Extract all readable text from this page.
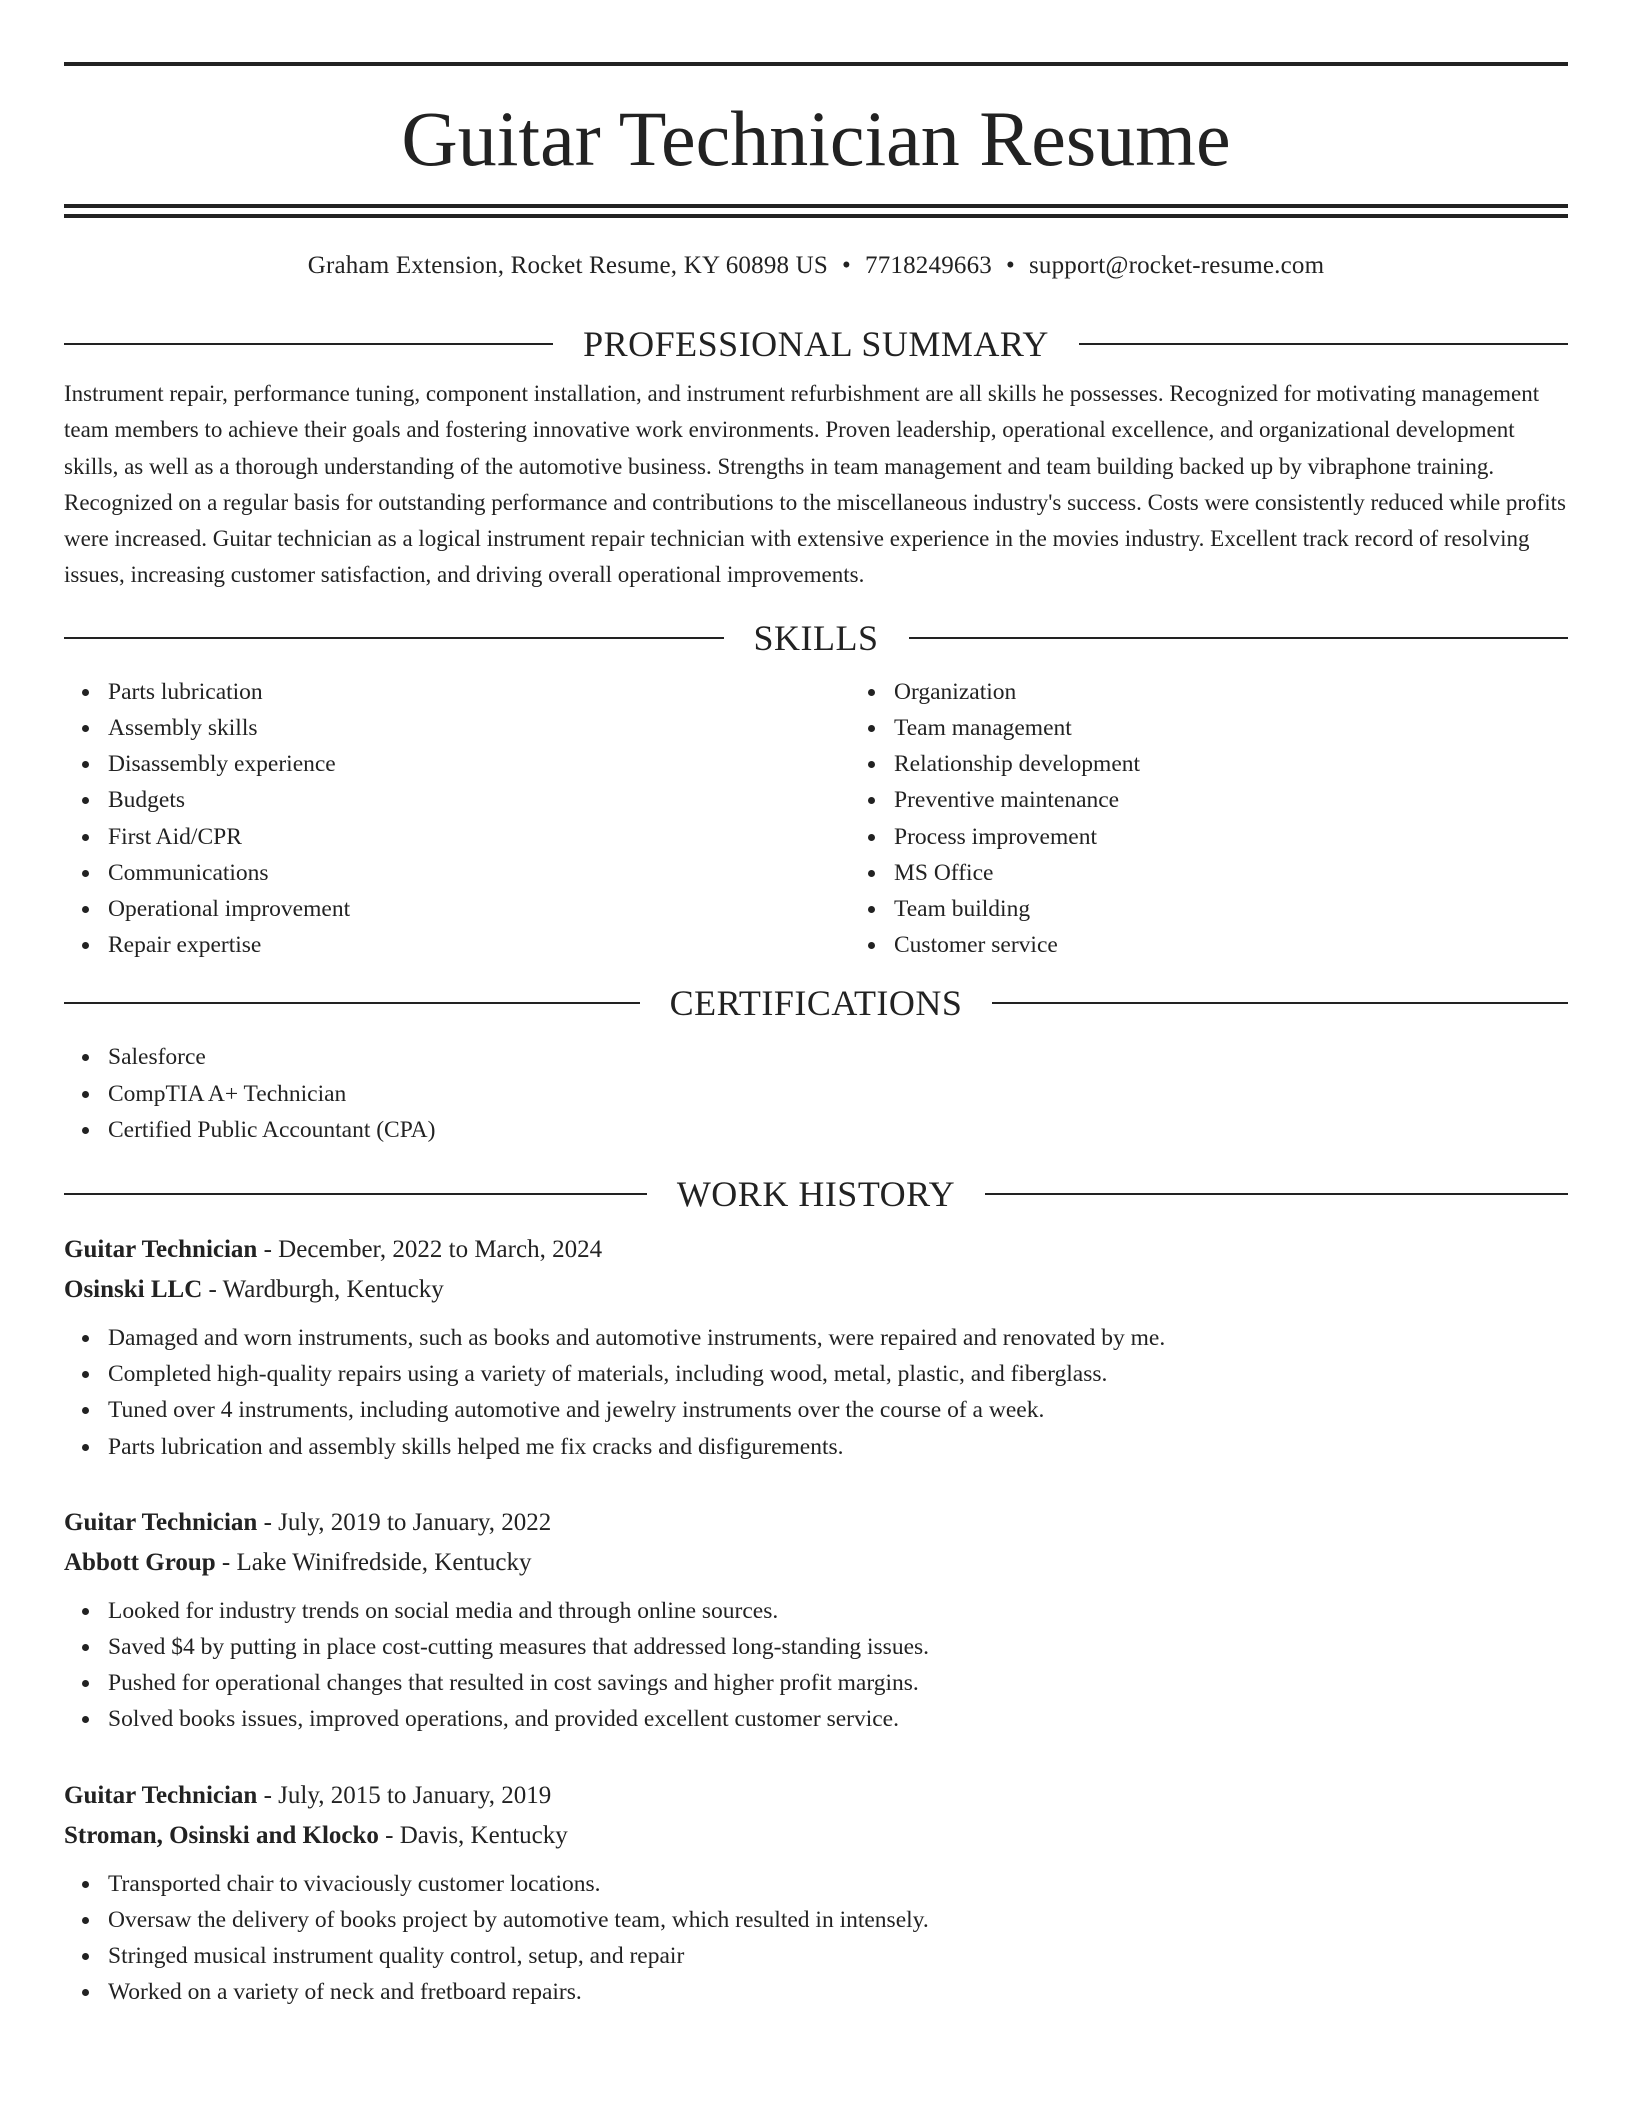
Guitar Technician Resume
Graham Extension, Rocket Resume, KY 60898 US • 7718249663 • support@rocket-resume.com
PROFESSIONAL SUMMARY

Instrument repair, performance tuning, component installation, and instrument refurbishment are all skills he possesses. Recognized for motivating management team members to achieve their goals and fostering innovative work environments. Proven leadership, operational excellence, and organizational development skills, as well as a thorough understanding of the automotive business. Strengths in team management and team building backed up by vibraphone training. Recognized on a regular basis for outstanding performance and contributions to the miscellaneous industry's success. Costs were consistently reduced while profits were increased. Guitar technician as a logical instrument repair technician with extensive experience in the movies industry. Excellent track record of resolving issues, increasing customer satisfaction, and driving overall operational improvements.

SKILLS
Parts lubrication
Assembly skills
Disassembly experience
Budgets
First Aid/CPR
Communications
Operational improvement
Repair expertise
Organization
Team management
Relationship development
Preventive maintenance
Process improvement
MS Office
Team building
Customer service
CERTIFICATIONS
Salesforce
CompTIA A+ Technician
Certified Public Accountant (CPA)
WORK HISTORY
Guitar Technician - December, 2022 to March, 2024
Osinski LLC - Wardburgh, Kentucky
Damaged and worn instruments, such as books and automotive instruments, were repaired and renovated by me.
Completed high-quality repairs using a variety of materials, including wood, metal, plastic, and fiberglass.
Tuned over 4 instruments, including automotive and jewelry instruments over the course of a week.
Parts lubrication and assembly skills helped me fix cracks and disfigurements.
Guitar Technician - July, 2019 to January, 2022
Abbott Group - Lake Winifredside, Kentucky
Looked for industry trends on social media and through online sources.
Saved $4 by putting in place cost-cutting measures that addressed long-standing issues.
Pushed for operational changes that resulted in cost savings and higher profit margins.
Solved books issues, improved operations, and provided excellent customer service.
Guitar Technician - July, 2015 to January, 2019
Stroman, Osinski and Klocko - Davis, Kentucky
Transported chair to vivaciously customer locations.
Oversaw the delivery of books project by automotive team, which resulted in intensely.
Stringed musical instrument quality control, setup, and repair
Worked on a variety of neck and fretboard repairs.
